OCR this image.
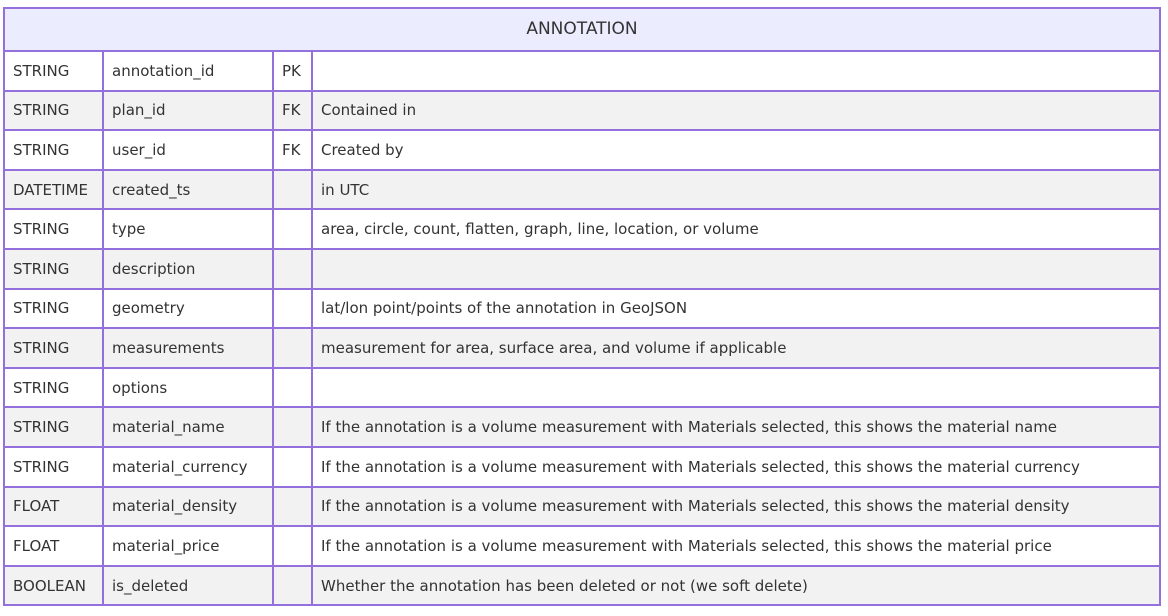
ANNOTATION
STRING	annotation_id	PK	
STRING	plan_id	FK	Contained in
STRING	user_id	FK	Created by
DATETIME	created_ts		in UTC
STRING	type		area, circle, count, flatten, graph, line, location, or volume
STRING	description		
STRING	geometry		lat/lon point/points of the annotation in GeoJSON
STRING	measurements		measurement for area, surface area, and volume if applicable
STRING	options		
STRING	material_name		If the annotation is a volume measurement with Materials selected, this shows the material name
STRING	material_currency		If the annotation is a volume measurement with Materials selected, this shows the material currency
FLOAT	material_density		If the annotation is a volume measurement with Materials selected, this shows the material density
FLOAT	material_price		If the annotation is a volume measurement with Materials selected, this shows the material price
BOOLEAN	is_deleted		Whether the annotation has been deleted or not (we soft delete)
